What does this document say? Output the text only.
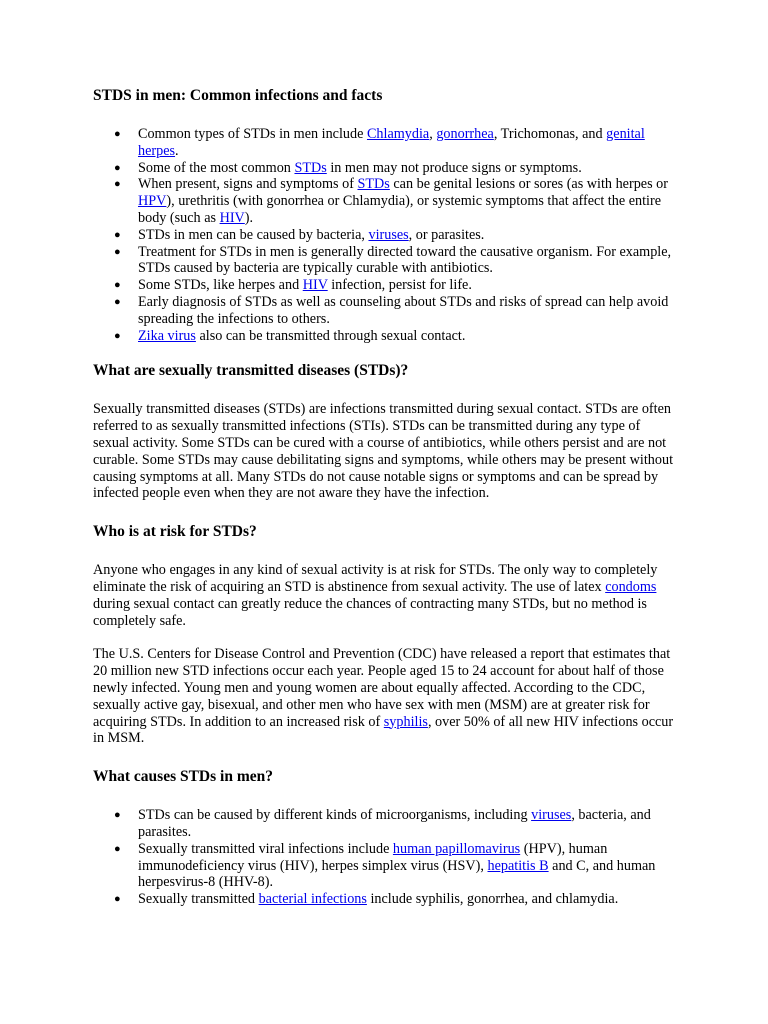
STDS in men: Common infections and facts
● Common types of STDs in men include Chlamydia, gonorrhea, Trichomonas, and genital herpes.
● Some of the most common STDs in men may not produce signs or symptoms.
● When present, signs and symptoms of STDs can be genital lesions or sores (as with herpes or HPV), urethritis (with gonorrhea or Chlamydia), or systemic symptoms that affect the entire body (such as HIV).
● STDs in men can be caused by bacteria, viruses, or parasites.
● Treatment for STDs in men is generally directed toward the causative organism. For example, STDs caused by bacteria are typically curable with antibiotics.
● Some STDs, like herpes and HIV infection, persist for life.
● Early diagnosis of STDs as well as counseling about STDs and risks of spread can help avoid spreading the infections to others.
● Zika virus also can be transmitted through sexual contact.
What are sexually transmitted diseases (STDs)?

Sexually transmitted diseases (STDs) are infections transmitted during sexual contact. STDs are often referred to as sexually transmitted infections (STIs). STDs can be transmitted during any type of sexual activity. Some STDs can be cured with a course of antibiotics, while others persist and are not curable. Some STDs may cause debilitating signs and symptoms, while others may be present without causing symptoms at all. Many STDs do not cause notable signs or symptoms and can be spread by infected people even when they are not aware they have the infection.

Who is at risk for STDs?

Anyone who engages in any kind of sexual activity is at risk for STDs. The only way to completely eliminate the risk of acquiring an STD is abstinence from sexual activity. The use of latex condoms during sexual contact can greatly reduce the chances of contracting many STDs, but no method is completely safe.

The U.S. Centers for Disease Control and Prevention (CDC) have released a report that estimates that 20 million new STD infections occur each year. People aged 15 to 24 account for about half of those newly infected. Young men and young women are about equally affected. According to the CDC, sexually active gay, bisexual, and other men who have sex with men (MSM) are at greater risk for acquiring STDs. In addition to an increased risk of syphilis, over 50% of all new HIV infections occur in MSM.

What causes STDs in men?
● STDs can be caused by different kinds of microorganisms, including viruses, bacteria, and parasites.
● Sexually transmitted viral infections include human papillomavirus (HPV), human immunodeficiency virus (HIV), herpes simplex virus (HSV), hepatitis B and C, and human herpesvirus-8 (HHV-8).
● Sexually transmitted bacterial infections include syphilis, gonorrhea, and chlamydia.
